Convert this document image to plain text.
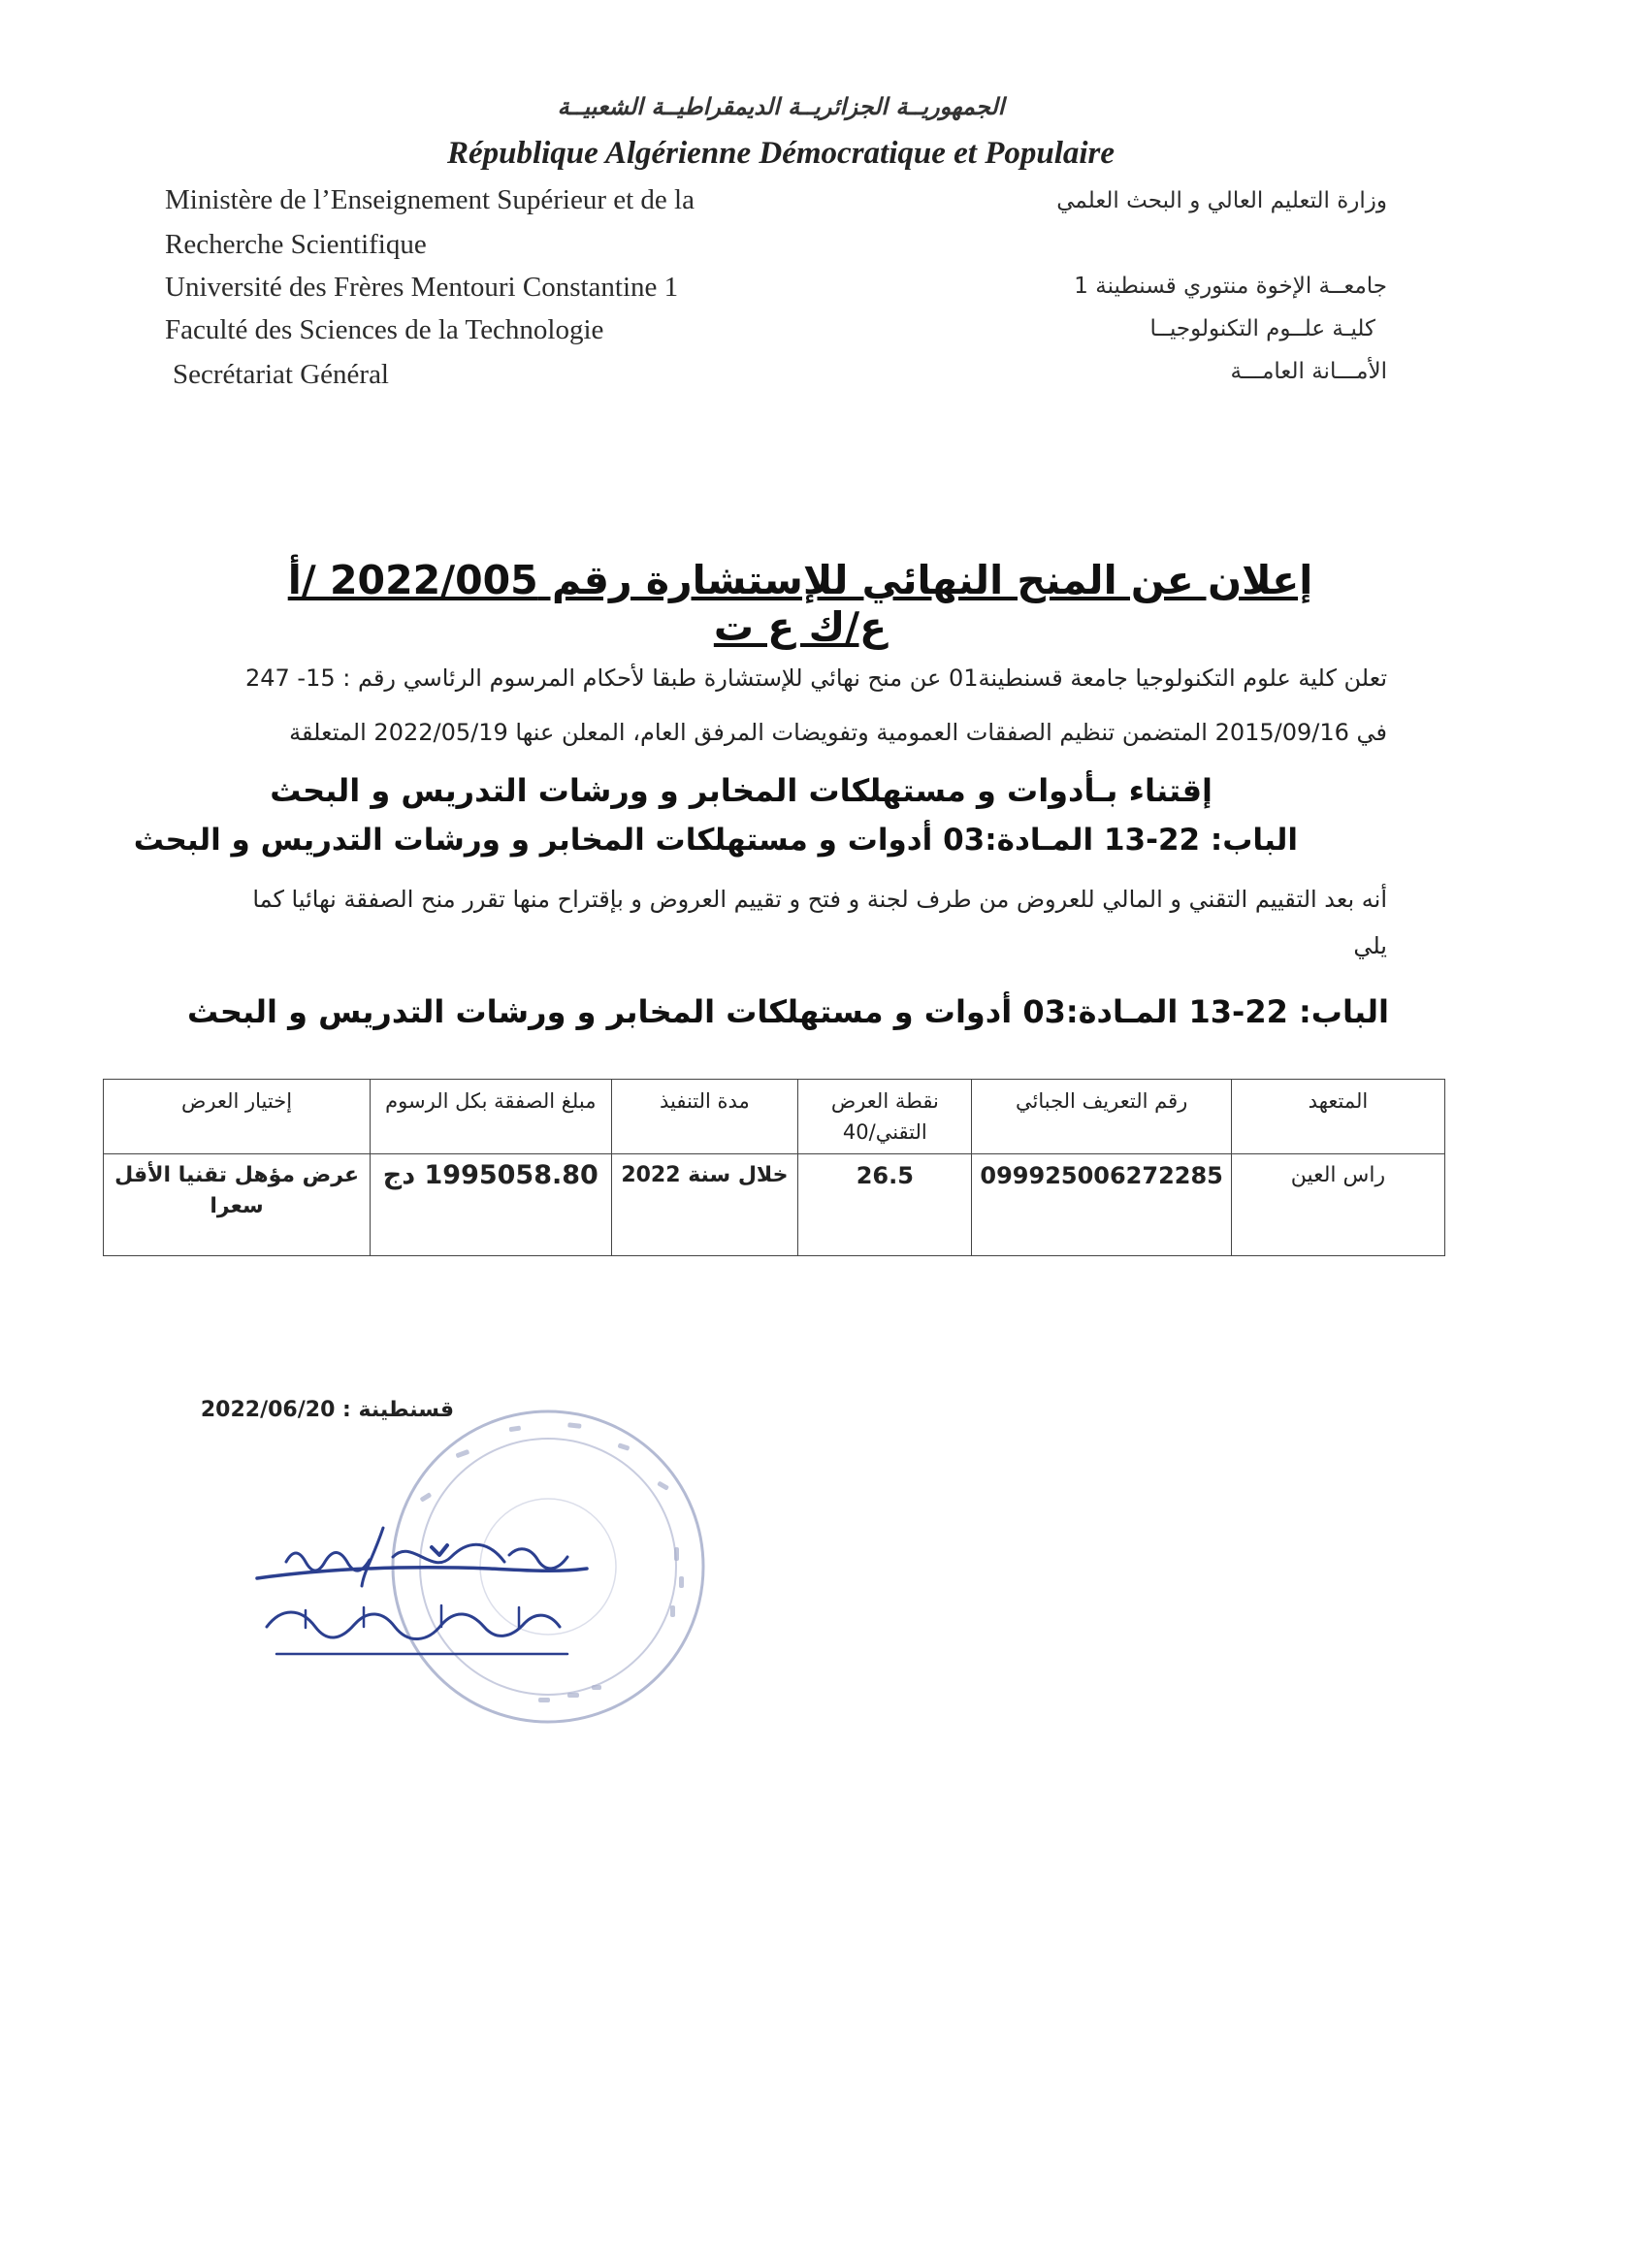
الجمهوريــة الجزائريــة الديمقراطيــة الشعبيــة
République Algérienne Démocratique et Populaire
Ministère de l’Enseignement Supérieur et de la
Recherche Scientifique
Université des Frères Mentouri Constantine 1
Faculté des Sciences de la Technologie
Secrétariat Général
وزارة التعليم العالي و البحث العلمي
جامعــة الإخوة منتوري قسنطينة 1
كليـة علــوم التكنولوجيــا
الأمـــانة العامـــة
إعلان عن المنح النهائي للإستشارة رقم 2022/005 /أ ع/ك ع ت
تعلن كلية علوم التكنولوجيا جامعة قسنطينة01 عن منح نهائي للإستشارة طبقا لأحكام المرسوم الرئاسي رقم : 15- 247
في 2015/09/16 المتضمن تنظيم الصفقات العمومية وتفويضات المرفق العام، المعلن عنها 2022/05/19 المتعلقة
إقتناء بـأدوات و مستهلكات المخابر و ورشات التدريس و البحث
الباب: 22-13 المـادة:03 أدوات و مستهلكات المخابر و ورشات التدريس و البحث
أنه بعد التقييم التقني و المالي للعروض من طرف لجنة و فتح و تقييم العروض و بإقتراح منها تقرر منح الصفقة نهائيا كما
يلي
الباب: 22-13 المـادة:03 أدوات و مستهلكات المخابر و ورشات التدريس و البحث
المتعهد	رقم التعريف الجبائي	نقطة العرض التقني/40	مدة التنفيذ	مبلغ الصفقة بكل الرسوم	إختيار العرض
راس العين	099925006272285	26.5	خلال سنة 2022	1995058.80 دج	عرض مؤهل تقنيا الأقل سعرا
قسنطينة : 2022/06/20
